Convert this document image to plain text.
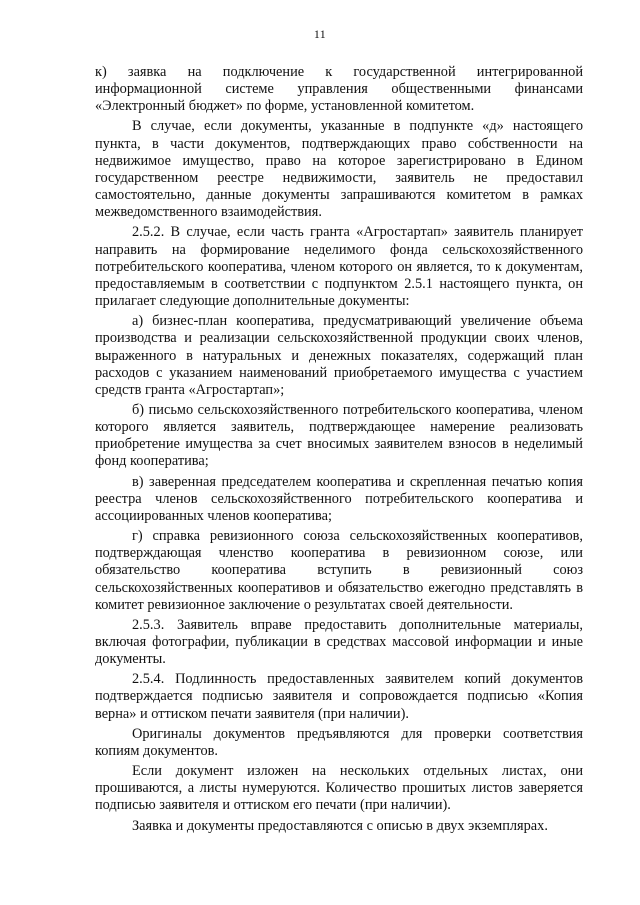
11

к) заявка на подключение к государственной интегрированной информационной системе управления общественными финансами «Электронный бюджет» по форме, установленной комитетом.

В случае, если документы, указанные в подпункте «д» настоящего пункта, в части документов, подтверждающих право собственности на недвижимое имущество, право на которое зарегистрировано в Едином государственном реестре недвижимости, заявитель не предоставил самостоятельно, данные документы запрашиваются комитетом в рамках межведомственного взаимодействия.

2.5.2. В случае, если часть гранта «Агростартап» заявитель планирует направить на формирование неделимого фонда сельскохозяйственного потребительского кооператива, членом которого он является, то к документам, предоставляемым в соответствии с подпунктом 2.5.1 настоящего пункта, он прилагает следующие дополнительные документы:

а) бизнес-план кооператива, предусматривающий увеличение объема производства и реализации сельскохозяйственной продукции своих членов, выраженного в натуральных и денежных показателях, содержащий план расходов с указанием наименований приобретаемого имущества с участием средств гранта «Агростартап»;

б) письмо сельскохозяйственного потребительского кооператива, членом которого является заявитель, подтверждающее намерение реализовать приобретение имущества за счет вносимых заявителем взносов в неделимый фонд кооператива;

в) заверенная председателем кооператива и скрепленная печатью копия реестра членов сельскохозяйственного потребительского кооператива и ассоциированных членов кооператива;

г) справка ревизионного союза сельскохозяйственных кооперативов, подтверждающая членство кооператива в ревизионном союзе, или обязательство кооператива вступить в ревизионный союз сельскохозяйственных кооперативов и обязательство ежегодно представлять в комитет ревизионное заключение о результатах своей деятельности.

2.5.3. Заявитель вправе предоставить дополнительные материалы, включая фотографии, публикации в средствах массовой информации и иные документы.

2.5.4. Подлинность предоставленных заявителем копий документов подтверждается подписью заявителя и сопровождается подписью «Копия верна» и оттиском печати заявителя (при наличии).

Оригиналы документов предъявляются для проверки соответствия копиям документов.

Если документ изложен на нескольких отдельных листах, они прошиваются, а листы нумеруются. Количество прошитых листов заверяется подписью заявителя и оттиском его печати (при наличии).

Заявка и документы предоставляются с описью в двух экземплярах.
